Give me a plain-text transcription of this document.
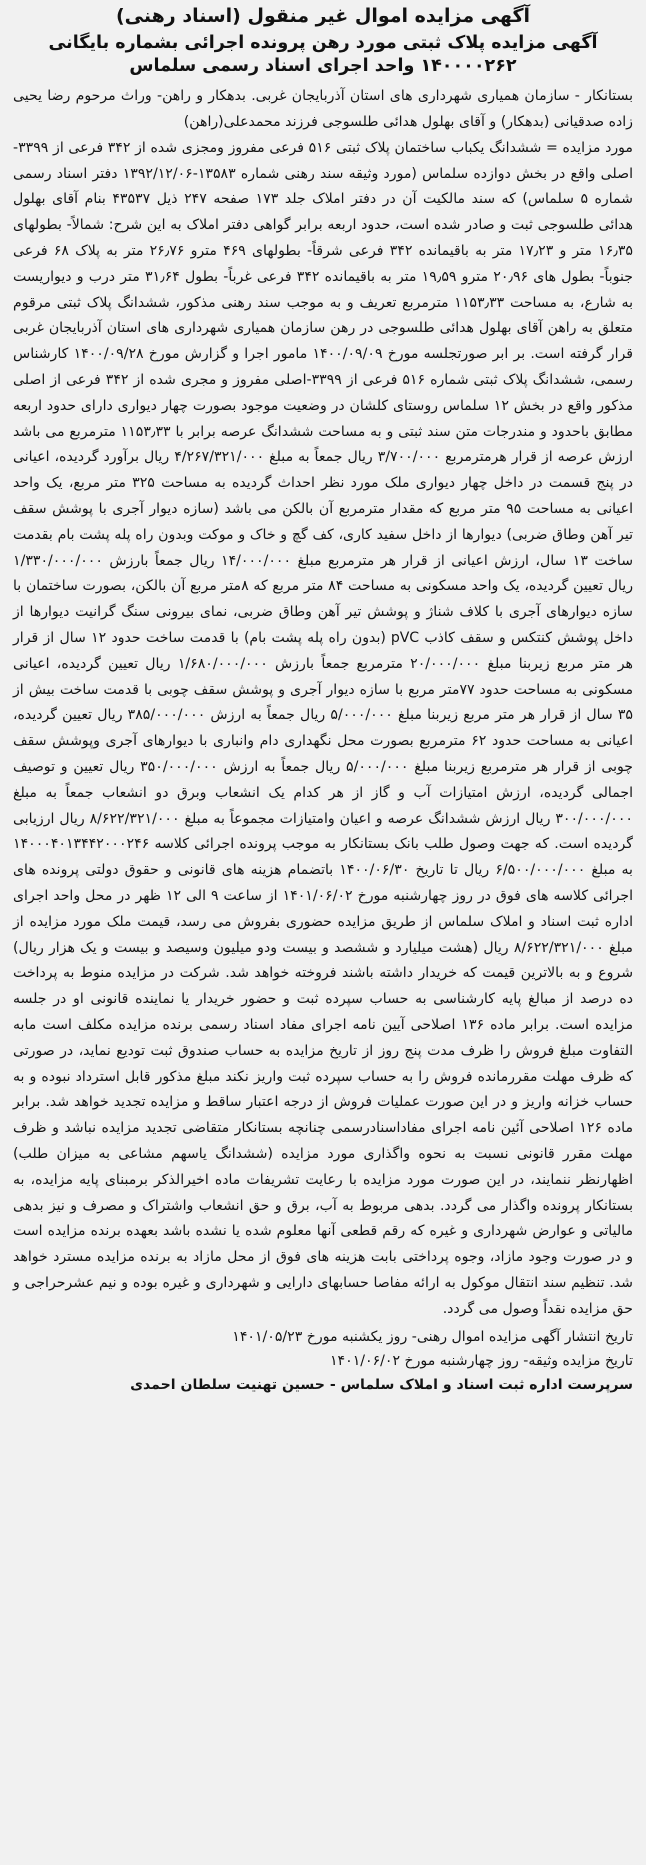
آگهی مزایده اموال غیر منقول (اسناد رهنی)
آگهی مزایده پلاک ثبتی مورد رهن پرونده اجرائی بشماره بایگانی ۱۴۰۰۰۰۲۶۲ واحد اجرای اسناد رسمی سلماس

بستانکار - سازمان همیاری شهرداری های استان آذربایجان غربی. بدهکار و راهن- وراث مرحوم رضا یحیی زاده صدقیانی (بدهکار) و آقای بهلول هدائی طلسوجی فرزند محمدعلی(راهن)

مورد مزایده = ششدانگ یکباب ساختمان پلاک ثبتی ۵۱۶ فرعی مفروز ومجزی شده از ۳۴۲ فرعی از ۳۳۹۹- اصلی واقع در بخش دوازده سلماس (مورد وثیقه سند رهنی شماره ۱۳۵۸۳-۱۳۹۲/۱۲/۰۶ دفتر اسناد رسمی شماره ۵ سلماس) که سند مالکیت آن در دفتر املاک جلد ۱۷۳ صفحه ۲۴۷ ذیل ۴۳۵۳۷ بنام آقای بهلول هدائی طلسوجی ثبت و صادر شده است، حدود اربعه برابر گواهی دفتر املاک به این شرح: شمالاً- بطولهای ۱۶٫۳۵ متر و ۱۷٫۲۳ متر به باقیمانده ۳۴۲ فرعی شرقاً- بطولهای ۴۶۹ مترو ۲۶٫۷۶ متر به پلاک ۶۸ فرعی جنوباً- بطول های ۲۰٫۹۶ مترو ۱۹٫۵۹ متر به باقیمانده ۳۴۲ فرعی غرباً- بطول ۳۱٫۶۴ متر درب و دیواریست به شارع، به مساحت ۱۱۵۳٫۳۳ مترمربع تعریف و به موجب سند رهنی مذکور، ششدانگ پلاک ثبتی مرقوم متعلق به راهن آقای بهلول هدائی طلسوجی در رهن سازمان همیاری شهرداری های استان آذربایجان غربی قرار گرفته است. بر ابر صورتجلسه مورخ ۱۴۰۰/۰۹/۰۹ مامور اجرا و گزارش مورخ ۱۴۰۰/۰۹/۲۸ کارشناس رسمی، ششدانگ پلاک ثبتی شماره ۵۱۶ فرعی از ۳۳۹۹-اصلی مفروز و مجری شده از ۳۴۲ فرعی از اصلی مذکور واقع در بخش ۱۲ سلماس روستای کلشان در وضعیت موجود بصورت چهار دیواری دارای حدود اربعه مطابق باحدود و مندرجات متن سند ثبتی و به مساحت ششدانگ عرصه برابر با ۱۱۵۳٫۳۳ مترمربع می باشد ارزش عرصه از قرار هرمترمربع ۳/۷۰۰/۰۰۰ ریال جمعاً به مبلغ ۴/۲۶۷/۳۲۱/۰۰۰ ریال برآورد گردیده، اعیانی در پنج قسمت در داخل چهار دیواری ملک مورد نظر احداث گردیده به مساحت ۳۲۵ متر مربع، یک واحد اعیانی به مساحت ۹۵ متر مربع که مقدار مترمربع آن بالکن می باشد (سازه دیوار آجری با پوشش سقف تیر آهن وطاق ضربی) دیوارها از داخل سفید کاری، کف گچ و خاک و موکت وبدون راه پله پشت بام بقدمت ساخت ۱۳ سال، ارزش اعیانی از قرار هر مترمربع مبلغ ۱۴/۰۰۰/۰۰۰ ریال جمعاً بارزش ۱/۳۳۰/۰۰۰/۰۰۰ ریال تعیین گردیده، یک واحد مسکونی به مساحت ۸۴ متر مربع که ۸متر مربع آن بالکن، بصورت ساختمان با سازه دیوارهای آجری با کلاف شناژ و پوشش تیر آهن وطاق ضربی، نمای بیرونی سنگ گرانیت دیوارها از داخل پوشش کنتکس و سقف کاذب pVC (بدون راه پله پشت بام) با قدمت ساخت حدود ۱۲ سال از قرار هر متر مربع زیربنا مبلغ ۲۰/۰۰۰/۰۰۰ مترمربع جمعاً بارزش ۱/۶۸۰/۰۰۰/۰۰۰ ریال تعیین گردیده، اعیانی مسکونی به مساحت حدود ۷۷متر مربع با سازه دیوار آجری و پوشش سقف چوبی با قدمت ساخت بیش از ۳۵ سال از قرار هر متر مربع زیربنا مبلغ ۵/۰۰۰/۰۰۰ ریال جمعاً به ارزش ۳۸۵/۰۰۰/۰۰۰ ریال تعیین گردیده، اعیانی به مساحت حدود ۶۲ مترمربع بصورت محل نگهداری دام وانباری با دیوارهای آجری وپوشش سقف چوبی از قرار هر مترمربع زیربنا مبلغ ۵/۰۰۰/۰۰۰ ریال جمعاً به ارزش ۳۵۰/۰۰۰/۰۰۰ ریال تعیین و توصیف اجمالی گردیده، ارزش امتیازات آب و گاز از هر کدام یک انشعاب وبرق دو انشعاب جمعاً به مبلغ ۳۰۰/۰۰۰/۰۰۰ ریال ارزش ششدانگ عرصه و اعیان وامتیازات مجموعاً به مبلغ ۸/۶۲۲/۳۲۱/۰۰۰ ریال ارزیابی گردیده است. که جهت وصول طلب بانک بستانکار به موجب پرونده اجرائی کلاسه ۱۴۰۰۰۴۰۱۳۴۴۲۰۰۰۲۴۶ به مبلغ ۶/۵۰۰/۰۰۰/۰۰۰ ریال تا تاریخ ۱۴۰۰/۰۶/۳۰ باتضمام هزینه های قانونی و حقوق دولتی پرونده های اجرائی کلاسه های فوق در روز چهارشنبه مورخ ۱۴۰۱/۰۶/۰۲ از ساعت ۹ الی ۱۲ ظهر در محل واحد اجرای اداره ثبت اسناد و املاک سلماس از طریق مزایده حضوری بفروش می رسد، قیمت ملک مورد مزایده از مبلغ ۸/۶۲۲/۳۲۱/۰۰۰ ریال (هشت میلیارد و ششصد و بیست ودو میلیون وسیصد و بیست و یک هزار ریال) شروع و به بالاترین قیمت که خریدار داشته باشند فروخته خواهد شد. شرکت در مزایده منوط به پرداخت ده درصد از مبالغ پایه کارشناسی به حساب سپرده ثبت و حضور خریدار یا نماینده قانونی او در جلسه مزایده است. برابر ماده ۱۳۶ اصلاحی آیین نامه اجرای مفاد اسناد رسمی برنده مزایده مکلف است مابه التفاوت مبلغ فروش را ظرف مدت پنج روز از تاریخ مزایده به حساب صندوق ثبت تودیع نماید، در صورتی که ظرف مهلت مقررمانده فروش را به حساب سپرده ثبت واریز نکند مبلغ مذکور قابل استرداد نبوده و به حساب خزانه واریز و در این صورت عملیات فروش از درجه اعتبار ساقط و مزایده تجدید خواهد شد. برابر ماده ۱۲۶ اصلاحی آئین نامه اجرای مفاداسنادرسمی چنانچه بستانکار متقاضی تجدید مزایده نباشد و ظرف مهلت مقرر قانونی نسبت به نحوه واگذاری مورد مزایده (ششدانگ یاسهم مشاعی به میزان طلب) اظهارنظر ننمایند، در این صورت مورد مزایده با رعایت تشریفات ماده اخیرالذکر برمبنای پایه مزایده، به بستانکار پرونده واگذار می گردد. بدهی مربوط به آب، برق و حق انشعاب واشتراک و مصرف و نیز بدهی مالیاتی و عوارض شهرداری و غیره که رقم قطعی آنها معلوم شده یا نشده باشد بعهده برنده مزایده است و در صورت وجود مازاد، وجوه پرداختی بابت هزینه های فوق از محل مازاد به برنده مزایده مسترد خواهد شد. تنظیم سند انتقال موکول به ارائه مفاصا حسابهای دارایی و شهرداری و غیره بوده و نیم عشرحراجی و حق مزایده نقداً وصول می گردد.

تاریخ انتشار آگهی مزایده اموال رهنی- روز یکشنبه مورخ ۱۴۰۱/۰۵/۲۳
تاریخ مزایده وثیقه- روز چهارشنبه مورخ ۱۴۰۱/۰۶/۰۲
سرپرست اداره ثبت اسناد و املاک سلماس - حسین تهنیت سلطان احمدی
